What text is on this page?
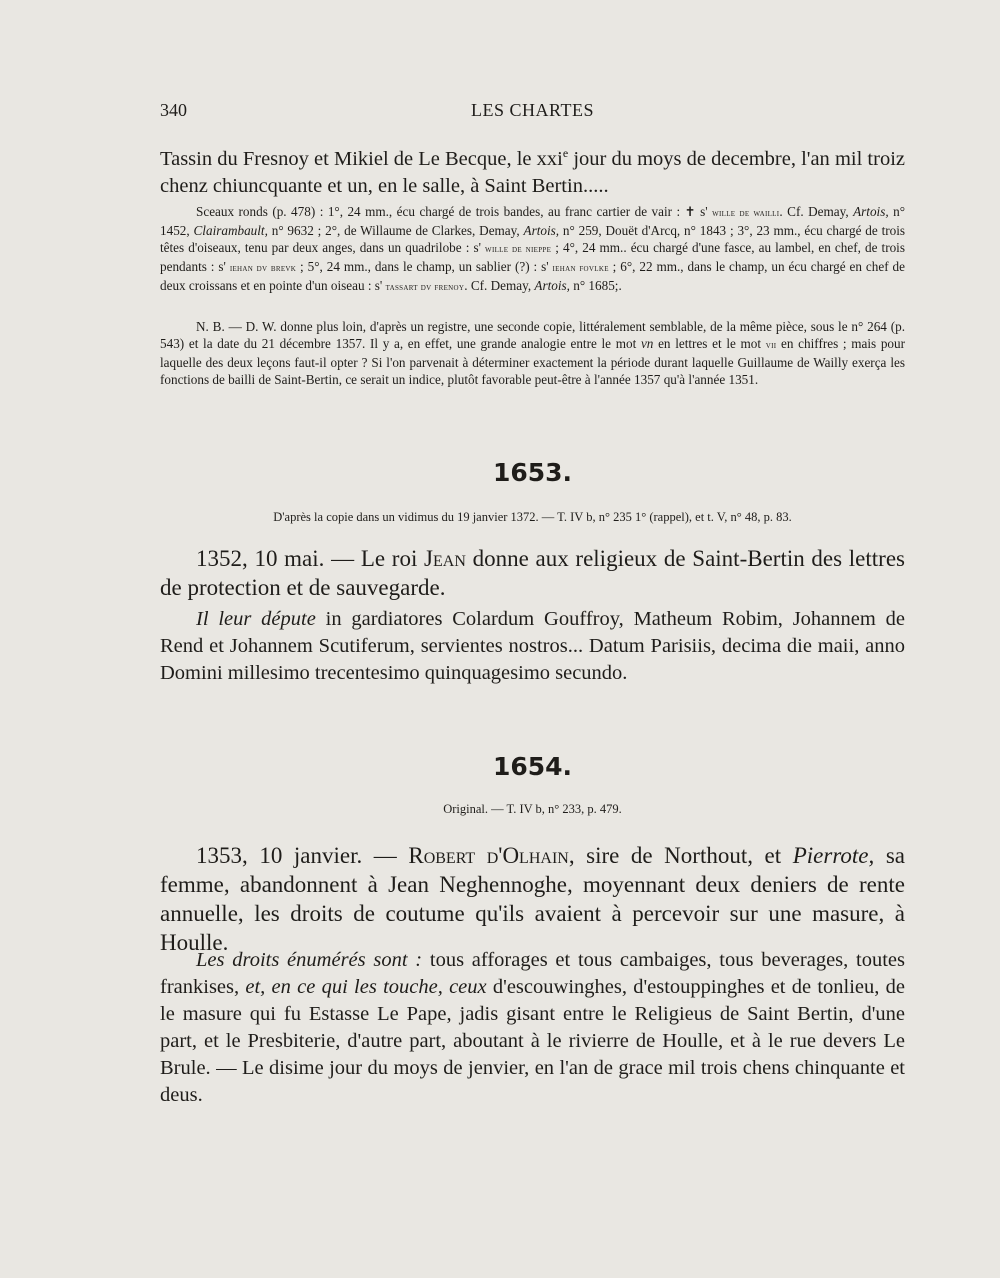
340	LES CHARTES
Tassin du Fresnoy et Mikiel de Le Becque, le xxi$^e$ jour du moys de decembre, l'an mil troiz chenz chiuncquante et un, en le salle, à Saint Bertin.....

Sceaux ronds (p. 478) : 1°, 24 mm., écu chargé de trois bandes, au franc cartier de vair : ✝ s' wille de wailli. Cf. Demay, Artois, n° 1452, Clairambault, n° 9632 ; 2°, de Willaume de Clarkes, Demay, Artois, n° 259, Douët d'Arcq, n° 1843 ; 3°, 23 mm., écu chargé de trois têtes d'oiseaux, tenu par deux anges, dans un quadrilobe : s' wille de nieppe ; 4°, 24 mm.. écu chargé d'une fasce, au lambel, en chef, de trois pendants : s' iehan dv brevk ; 5°, 24 mm., dans le champ, un sablier (?) : s' iehan fovlke ; 6°, 22 mm., dans le champ, un écu chargé en chef de deux croissans et en pointe d'un oiseau : s' tassart dv frenoy. Cf. Demay, Artois, n° 1685;.

N. B. — D. W. donne plus loin, d'après un registre, une seconde copie, littéralement semblable, de la même pièce, sous le n° 264 (p. 543) et la date du 21 décembre 1357. Il y a, en effet, une grande analogie entre le mot vn en lettres et le mot vii en chiffres ; mais pour laquelle des deux leçons faut-il opter ? Si l'on parvenait à déterminer exactement la période durant laquelle Guillaume de Wailly exerça les fonctions de bailli de Saint-Bertin, ce serait un indice, plutôt favorable peut-être à l'année 1357 qu'à l'année 1351.

1653.
D'après la copie dans un vidimus du 19 janvier 1372. — T. IV b, n° 235 1° (rappel), et t. V, n° 48, p. 83.

1352, 10 mai. — Le roi Jean donne aux religieux de Saint-Bertin des lettres de protection et de sauvegarde.

Il leur députe in gardiatores Colardum Gouffroy, Matheum Robim, Johannem de Rend et Johannem Scutiferum, servientes nostros... Datum Parisiis, decima die maii, anno Domini millesimo trecentesimo quinquagesimo secundo.

1654.
Original. — T. IV b, n° 233, p. 479.

1353, 10 janvier. — Robert d'Olhain, sire de Northout, et Pierrote, sa femme, abandonnent à Jean Neghennoghe, moyennant deux deniers de rente annuelle, les droits de coutume qu'ils avaient à percevoir sur une masure, à Houlle.

Les droits énumérés sont : tous afforages et tous cambaiges, tous beverages, toutes frankises, et, en ce qui les touche, ceux d'escouwinghes, d'estouppinghes et de tonlieu, de le masure qui fu Estasse Le Pape, jadis gisant entre le Religieus de Saint Bertin, d'une part, et le Presbiterie, d'autre part, aboutant à le rivierre de Houlle, et à le rue devers Le Brule. — Le disime jour du moys de jenvier, en l'an de grace mil trois chens chinquante et deus.
